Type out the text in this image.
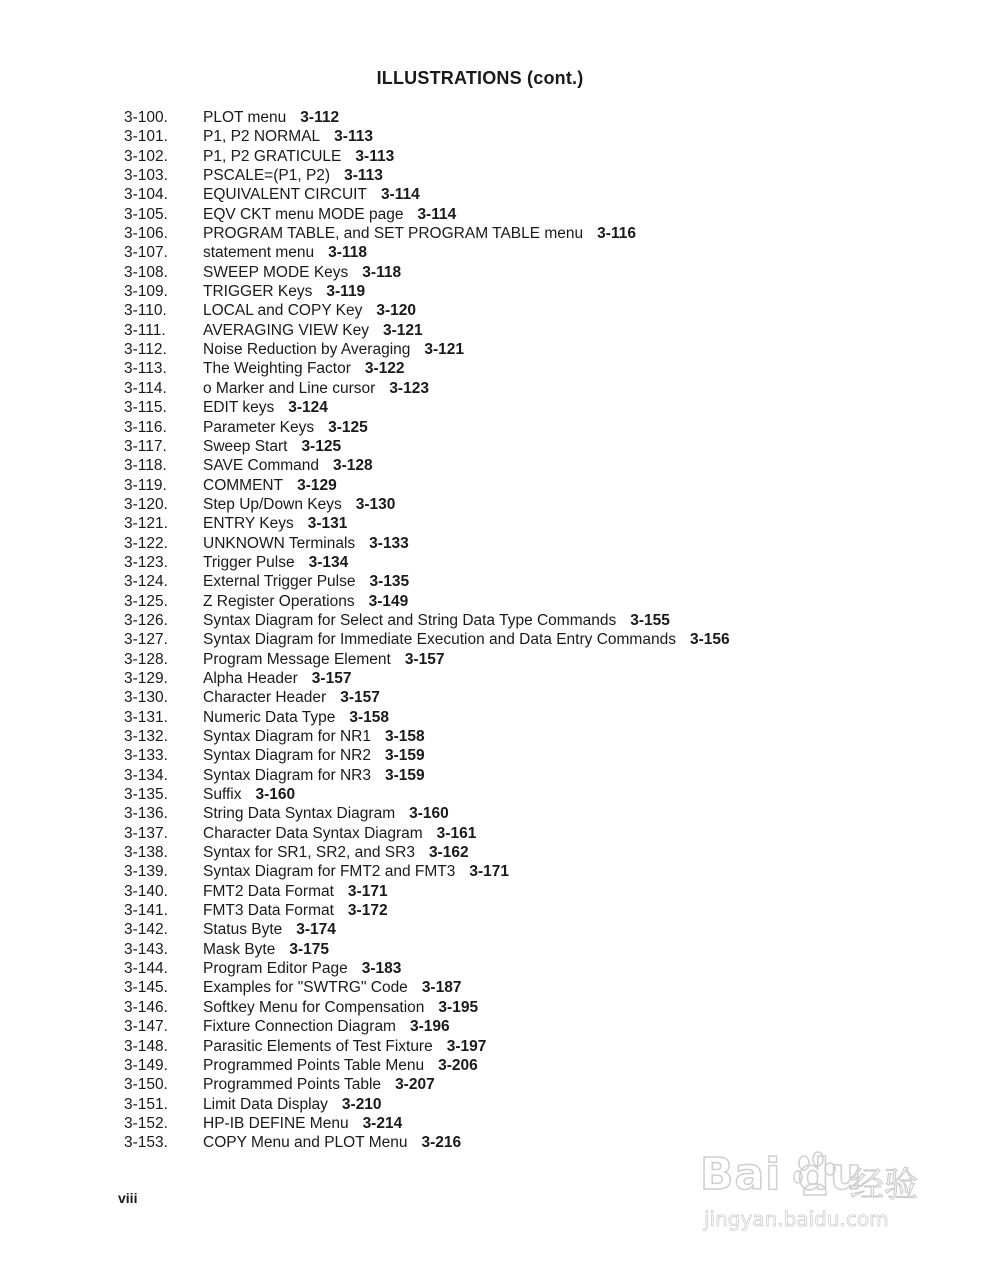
ILLUSTRATIONS (cont.)
3-100. PLOT menu 3-112
3-101. P1, P2 NORMAL 3-113
3-102. P1, P2 GRATICULE 3-113
3-103. PSCALE=(P1, P2) 3-113
3-104. EQUIVALENT CIRCUIT 3-114
3-105. EQV CKT menu MODE page 3-114
3-106. PROGRAM TABLE, and SET PROGRAM TABLE menu 3-116
3-107. statement menu 3-118
3-108. SWEEP MODE Keys 3-118
3-109. TRIGGER Keys 3-119
3-110. LOCAL and COPY Key 3-120
3-111. AVERAGING VIEW Key 3-121
3-112. Noise Reduction by Averaging 3-121
3-113. The Weighting Factor 3-122
3-114. o Marker and Line cursor 3-123
3-115. EDIT keys 3-124
3-116. Parameter Keys 3-125
3-117. Sweep Start 3-125
3-118. SAVE Command 3-128
3-119. COMMENT 3-129
3-120. Step Up/Down Keys 3-130
3-121. ENTRY Keys 3-131
3-122. UNKNOWN Terminals 3-133
3-123. Trigger Pulse 3-134
3-124. External Trigger Pulse 3-135
3-125. Z Register Operations 3-149
3-126. Syntax Diagram for Select and String Data Type Commands 3-155
3-127. Syntax Diagram for Immediate Execution and Data Entry Commands 3-156
3-128. Program Message Element 3-157
3-129. Alpha Header 3-157
3-130. Character Header 3-157
3-131. Numeric Data Type 3-158
3-132. Syntax Diagram for NR1 3-158
3-133. Syntax Diagram for NR2 3-159
3-134. Syntax Diagram for NR3 3-159
3-135. Suffix 3-160
3-136. String Data Syntax Diagram 3-160
3-137. Character Data Syntax Diagram 3-161
3-138. Syntax for SR1, SR2, and SR3 3-162
3-139. Syntax Diagram for FMT2 and FMT3 3-171
3-140. FMT2 Data Format 3-171
3-141. FMT3 Data Format 3-172
3-142. Status Byte 3-174
3-143. Mask Byte 3-175
3-144. Program Editor Page 3-183
3-145. Examples for "SWTRG" Code 3-187
3-146. Softkey Menu for Compensation 3-195
3-147. Fixture Connection Diagram 3-196
3-148. Parasitic Elements of Test Fixture 3-197
3-149. Programmed Points Table Menu 3-206
3-150. Programmed Points Table 3-207
3-151. Limit Data Display 3-210
3-152. HP-IB DEFINE Menu 3-214
3-153. COPY Menu and PLOT Menu 3-216
viii	Bai du
经验
jingyan.baidu.com
